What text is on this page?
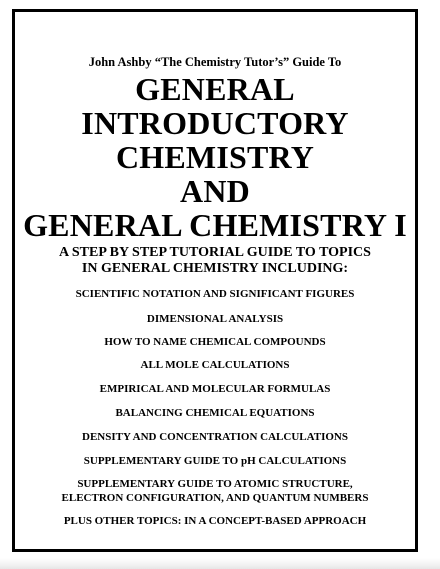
John Ashby “The Chemistry Tutor’s” Guide To
GENERAL
INTRODUCTORY
CHEMISTRY
AND
GENERAL CHEMISTRY I
A STEP BY STEP TUTORIAL GUIDE TO TOPICS
IN GENERAL CHEMISTRY INCLUDING:
SCIENTIFIC NOTATION AND SIGNIFICANT FIGURES
DIMENSIONAL ANALYSIS
HOW TO NAME CHEMICAL COMPOUNDS
ALL MOLE CALCULATIONS
EMPIRICAL AND MOLECULAR FORMULAS
BALANCING CHEMICAL EQUATIONS
DENSITY AND CONCENTRATION CALCULATIONS
SUPPLEMENTARY GUIDE TO pH CALCULATIONS
SUPPLEMENTARY GUIDE TO ATOMIC STRUCTURE,
ELECTRON CONFIGURATION, AND QUANTUM NUMBERS
PLUS OTHER TOPICS: IN A CONCEPT-BASED APPROACH
